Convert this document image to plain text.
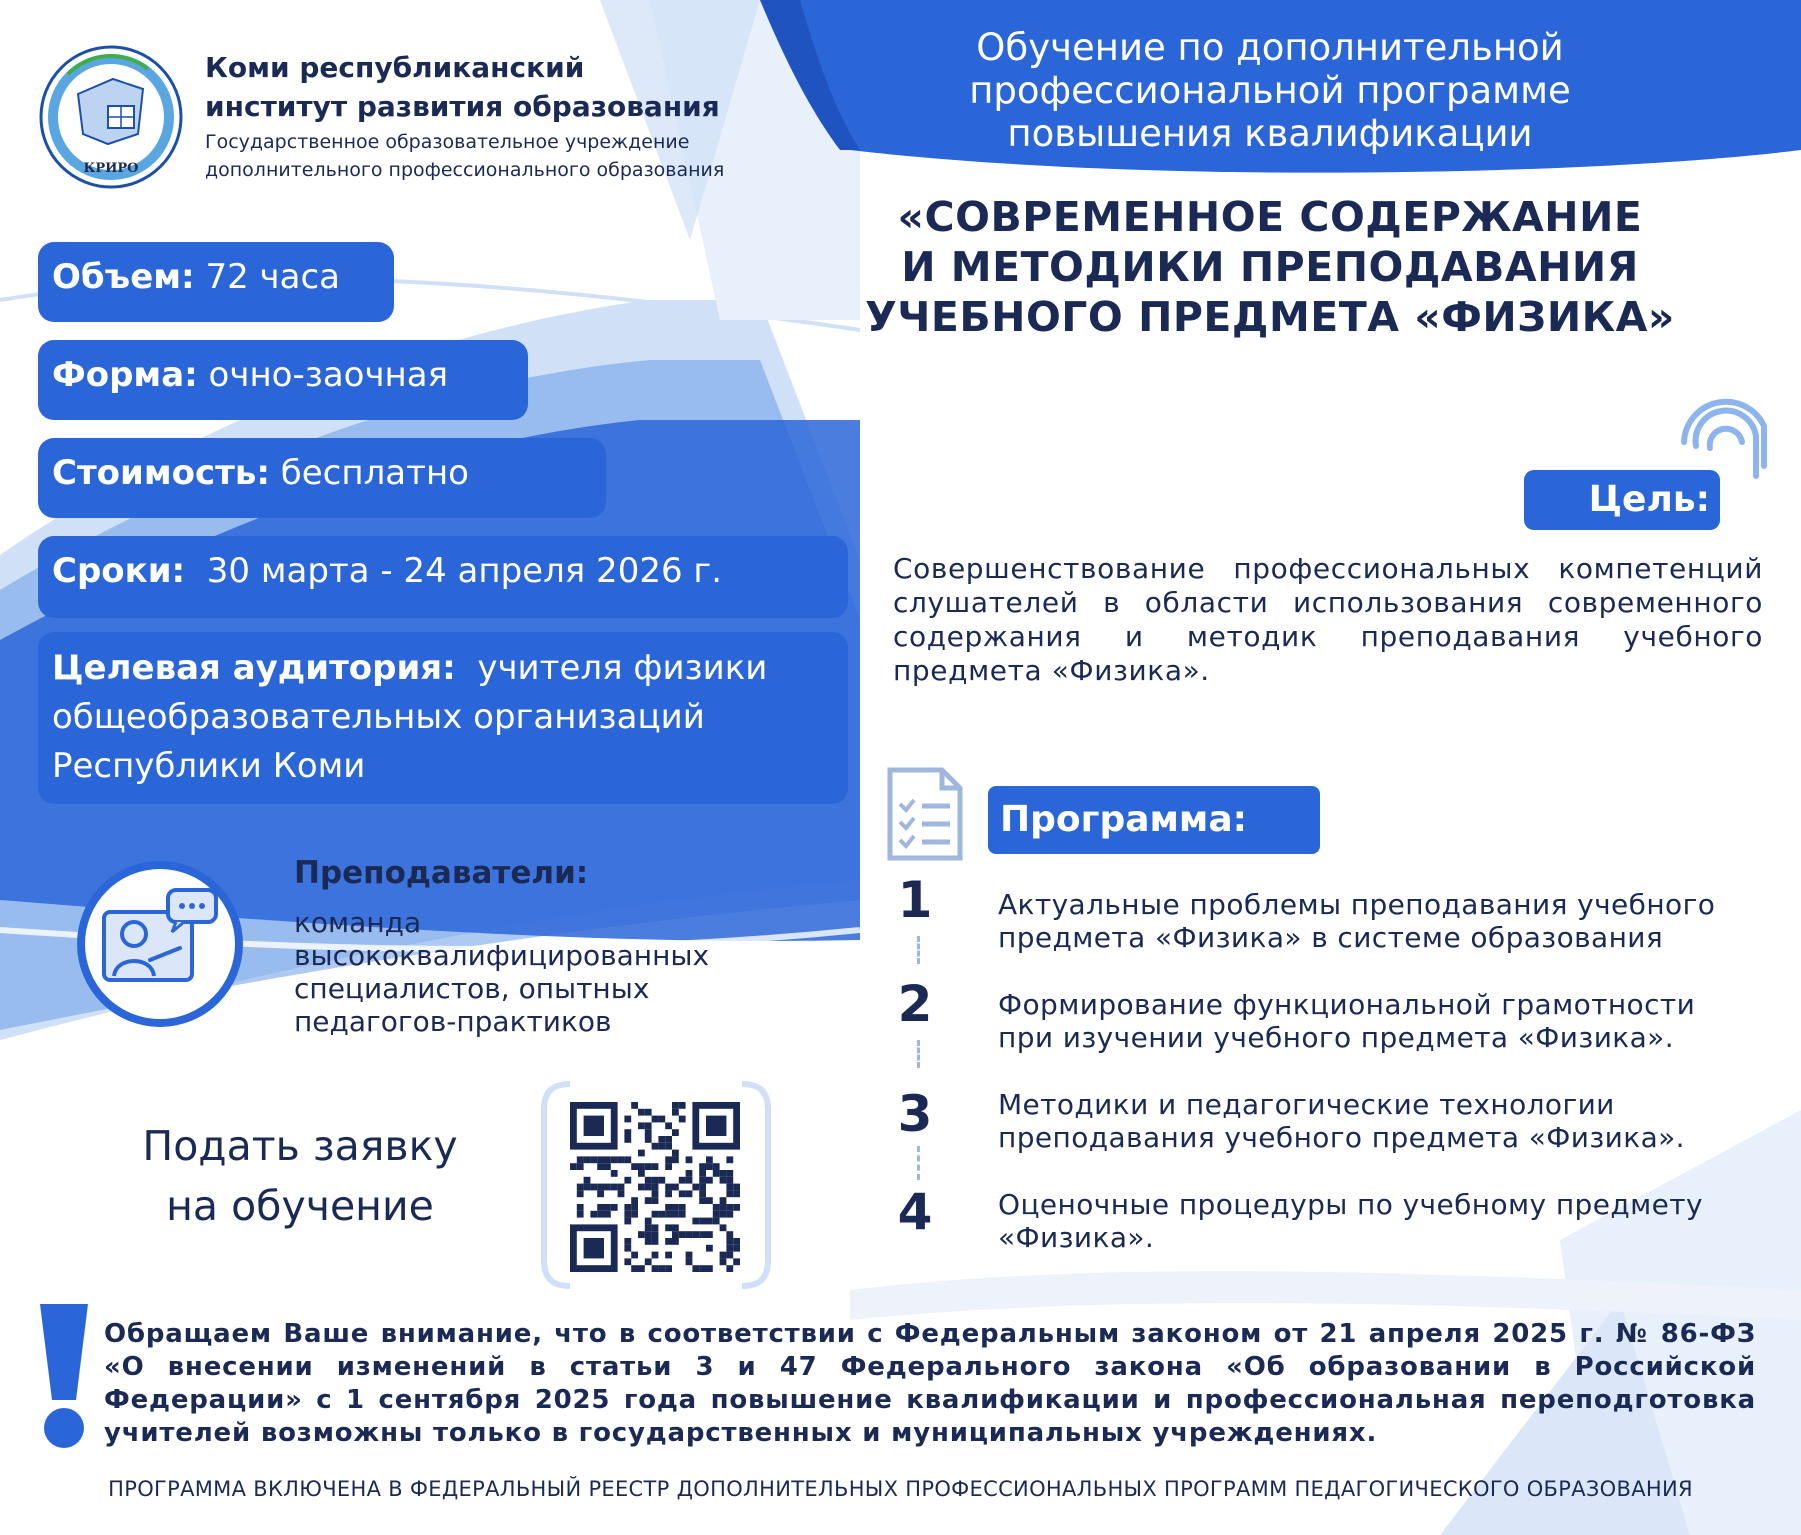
КРИРО
Коми республиканский
институт развития образования
Государственное образовательное учреждение
дополнительного профессионального образования
Обучение по дополнительной
профессиональной программе
повышения квалификации
«СОВРЕМЕННОЕ СОДЕРЖАНИЕ
И МЕТОДИКИ ПРЕПОДАВАНИЯ
УЧЕБНОГО ПРЕДМЕТА «ФИЗИКА»
Объем: 72 часа
Форма: очно-заочная
Стоимость: бесплатно
Сроки:  30 марта - 24 апреля 2026 г.
Целевая аудитория:  учителя физики
общеобразовательных организаций
Республики Коми
Преподаватели:
команда
высококвалифицированных
специалистов, опытных
педагогов-практиков
Подать заявку
на обучение
Цель:
Совершенствование профессиональных компетенций слушателей в области использования современного содержания и методик преподавания учебного предмета «Физика».
Программа:
1
2
3
4
Актуальные проблемы преподавания учебного
предмета «Физика» в системе образования
Формирование функциональной грамотности
при изучении учебного предмета «Физика».
Методики и педагогические технологии
преподавания учебного предмета «Физика».
Оценочные процедуры по учебному предмету
«Физика».
Обращаем Ваше внимание, что в соответствии с Федеральным законом от 21 апреля 2025 г. № 86-ФЗ «О внесении изменений в статьи 3 и 47 Федерального закона «Об образовании в Российской Федерации» с 1 сентября 2025 года повышение квалификации и профессиональная переподготовка учителей возможны только в государственных и муниципальных учреждениях.
ПРОГРАММА ВКЛЮЧЕНА В ФЕДЕРАЛЬНЫЙ РЕЕСТР ДОПОЛНИТЕЛЬНЫХ ПРОФЕССИОНАЛЬНЫХ ПРОГРАММ ПЕДАГОГИЧЕСКОГО ОБРАЗОВАНИЯ
